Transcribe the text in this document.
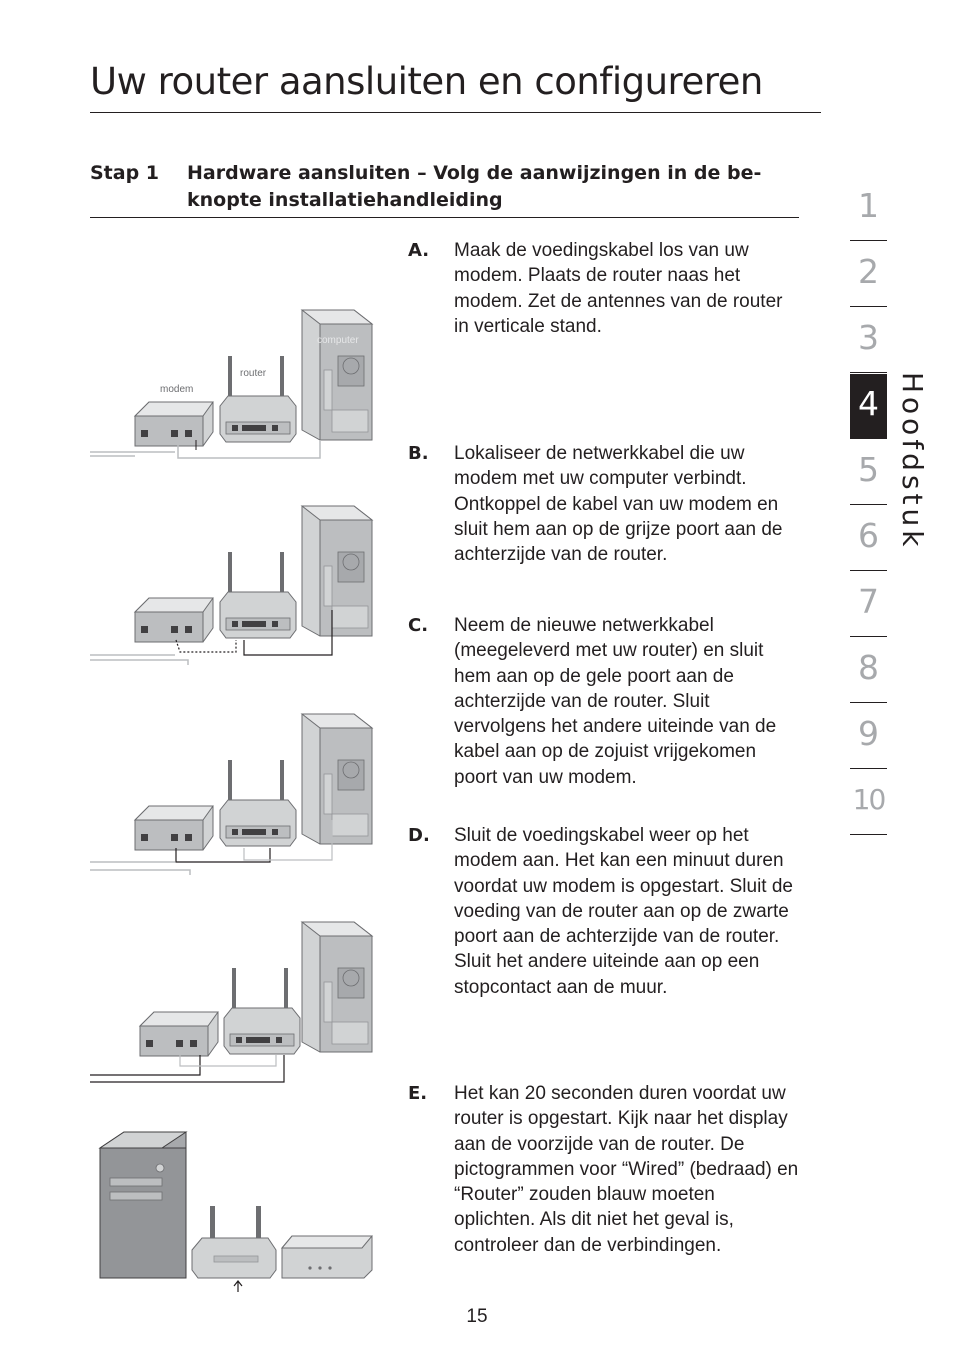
Uw router aansluiten en configureren
Stap 1 Hardware aansluiten – Volg de aanwijzingen in de be-knopte installatiehandleiding
A. Maak de voedingskabel los van uw modem. Plaats de router naas het modem. Zet de antennes van de router in verticale stand.
B. Lokaliseer de netwerkkabel die uw modem met uw computer verbindt. Ontkoppel de kabel van uw modem en sluit hem aan op de grijze poort aan de achterzijde van de router.
C. Neem de nieuwe netwerkkabel (meegeleverd met uw router) en sluit hem aan op de gele poort aan de achterzijde van de router. Sluit vervolgens het andere uiteinde van de kabel aan op de zojuist vrijgekomen poort van uw modem.
D. Sluit de voedingskabel weer op het modem aan. Het kan een minuut duren voordat uw modem is opgestart. Sluit de voeding van de router aan op de zwarte poort aan de achterzijde van de router. Sluit het andere uiteinde aan op een stopcontact aan de muur.
E. Het kan 20 seconden duren voordat uw router is opgestart. Kijk naar het display aan de voorzijde van de router. De pictogrammen voor “Wired” (bedraad) en “Router” zouden blauw moeten oplichten. Als dit niet het geval is, controleer dan de verbindingen.
computer
router
modem
1
2
3
4
5
6
7
8
9
10
Hoofdstuk
15
